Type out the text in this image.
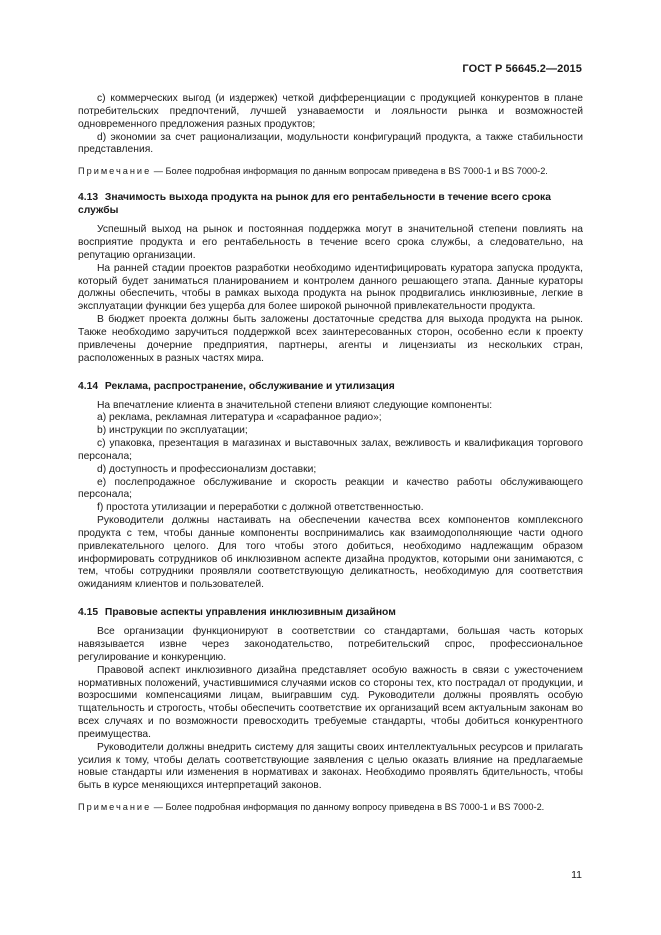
ГОСТ Р 56645.2—2015

c) коммерческих выгод (и издержек) четкой дифференциации с продукцией конкурентов в плане потребительских предпочтений, лучшей узнаваемости и лояльности рынка и возможностей одновременного предложения разных продуктов;

d) экономии за счет рационализации, модульности конфигураций продукта, а также стабильности представления.

Примечание — Более подробная информация по данным вопросам приведена в BS 7000-1 и BS 7000-2.

4.13 Значимость выхода продукта на рынок для его рентабельности в течение всего срока службы

Успешный выход на рынок и постоянная поддержка могут в значительной степени повлиять на восприятие продукта и его рентабельность в течение всего срока службы, а следовательно, на репутацию организации.

На ранней стадии проектов разработки необходимо идентифицировать куратора запуска продукта, который будет заниматься планированием и контролем данного решающего этапа. Данные кураторы должны обеспечить, чтобы в рамках выхода продукта на рынок продвигались инклюзивные, легкие в эксплуатации функции без ущерба для более широкой рыночной привлекательности продукта.

В бюджет проекта должны быть заложены достаточные средства для выхода продукта на рынок. Также необходимо заручиться поддержкой всех заинтересованных сторон, особенно если к проекту привлечены дочерние предприятия, партнеры, агенты и лицензиаты из нескольких стран, расположенных в разных частях мира.

4.14 Реклама, распространение, обслуживание и утилизация

На впечатление клиента в значительной степени влияют следующие компоненты:

a) реклама, рекламная литература и «сарафанное радио»;

b) инструкции по эксплуатации;

c) упаковка, презентация в магазинах и выставочных залах, вежливость и квалификация торгового персонала;

d) доступность и профессионализм доставки;

e) послепродажное обслуживание и скорость реакции и качество работы обслуживающего персонала;

f) простота утилизации и переработки с должной ответственностью.

Руководители должны настаивать на обеспечении качества всех компонентов комплексного продукта с тем, чтобы данные компоненты воспринимались как взаимодополняющие части одного привлекательного целого. Для того чтобы этого добиться, необходимо надлежащим образом информировать сотрудников об инклюзивном аспекте дизайна продуктов, которыми они занимаются, с тем, чтобы сотрудники проявляли соответствующую деликатность, необходимую для соответствия ожиданиям клиентов и пользователей.

4.15 Правовые аспекты управления инклюзивным дизайном

Все организации функционируют в соответствии со стандартами, большая часть которых навязывается извне через законодательство, потребительский спрос, профессиональное регулирование и конкуренцию.

Правовой аспект инклюзивного дизайна представляет особую важность в связи с ужесточением нормативных положений, участившимися случаями исков со стороны тех, кто пострадал от продукции, и возросшими компенсациями лицам, выигравшим суд. Руководители должны проявлять особую тщательность и строгость, чтобы обеспечить соответствие их организаций всем актуальным законам во всех случаях и по возможности превосходить требуемые стандарты, чтобы добиться конкурентного преимущества.

Руководители должны внедрить систему для защиты своих интеллектуальных ресурсов и прилагать усилия к тому, чтобы делать соответствующие заявления с целью оказать влияние на предлагаемые новые стандарты или изменения в нормативах и законах. Необходимо проявлять бдительность, чтобы быть в курсе меняющихся интерпретаций законов.

Примечание — Более подробная информация по данному вопросу приведена в BS 7000-1 и BS 7000-2.

11
